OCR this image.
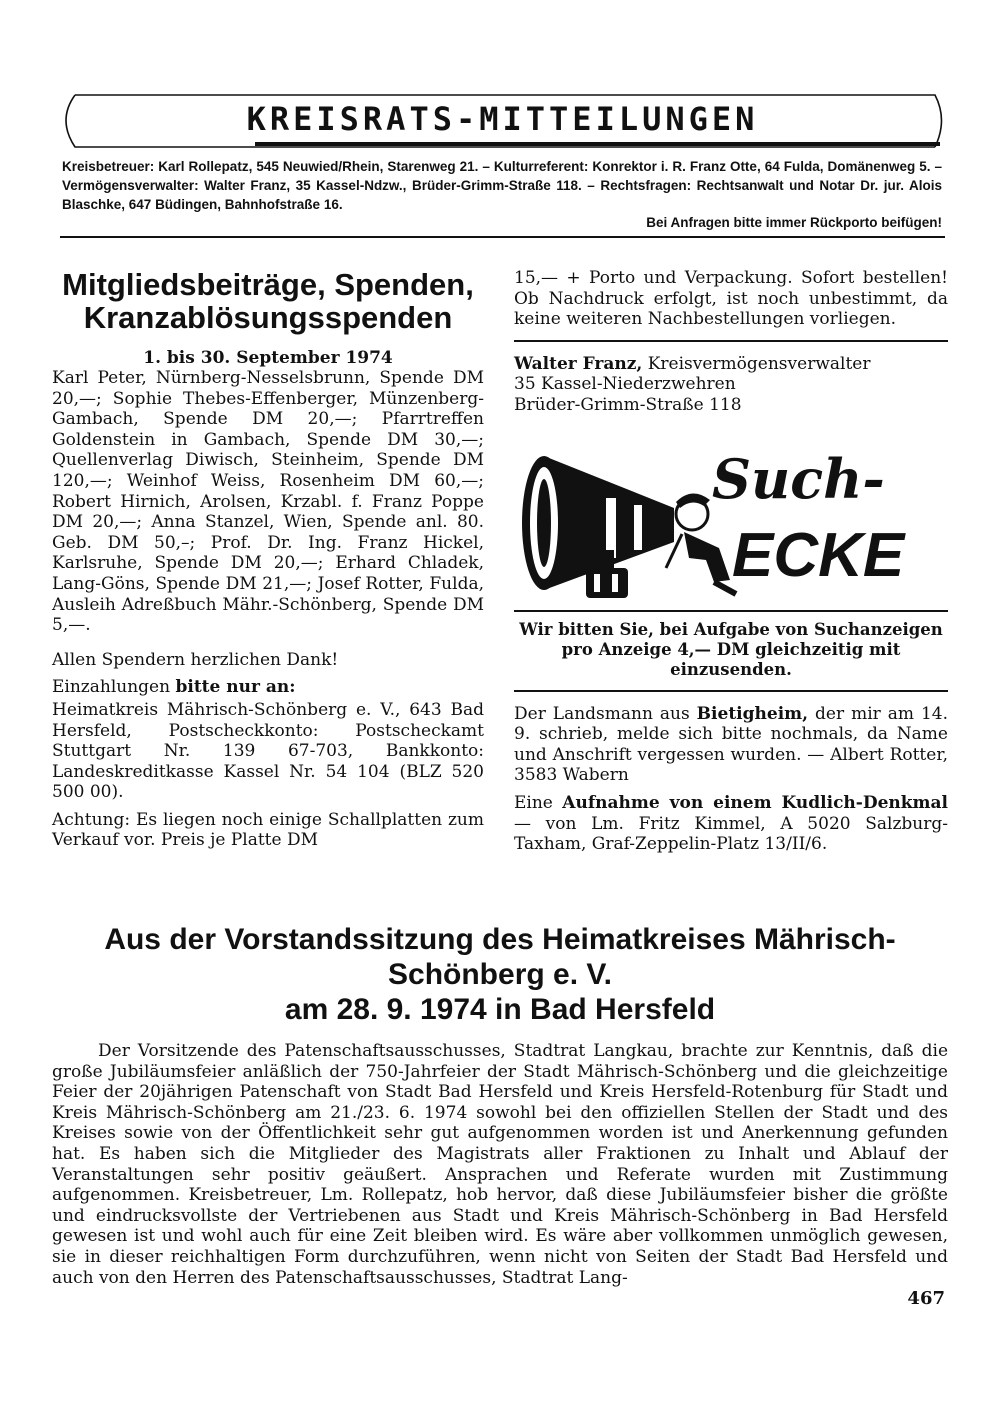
KREISRATS-MITTEILUNGEN
Kreisbetreuer: Karl Rollepatz, 545 Neuwied/Rhein, Starenweg 21. – Kulturreferent: Konrektor i. R. Franz Otte, 64 Fulda, Domänenweg 5. – Vermögensverwalter: Walter Franz, 35 Kassel-Ndzw., Brüder-Grimm-Straße 118. – Rechtsfragen: Rechtsanwalt und Notar Dr. jur. Alois Blaschke, 647 Büdingen, Bahnhofstraße 16.
Bei Anfragen bitte immer Rückporto beifügen!
Mitgliedsbeiträge, Spenden,
Kranzablösungsspenden
1. bis 30. September 1974

Karl Peter, Nürnberg-Nesselsbrunn, Spende DM 20,—; Sophie Thebes-Effenberger, Münzenberg-Gambach, Spende DM 20,—; Pfarrtreffen Goldenstein in Gambach, Spende DM 30,—; Quellenverlag Diwisch, Steinheim, Spende DM 120,—; Weinhof Weiss, Rosenheim DM 60,—; Robert Hirnich, Arolsen, Krzabl. f. Franz Poppe DM 20,—; Anna Stanzel, Wien, Spende anl. 80. Geb. DM 50,–; Prof. Dr. Ing. Franz Hickel, Karlsruhe, Spende DM 20,—; Erhard Chladek, Lang-Göns, Spende DM 21,—; Josef Rotter, Fulda, Ausleih Adreßbuch Mähr.-Schönberg, Spende DM 5,—.

Allen Spendern herzlichen Dank!

Einzahlungen bitte nur an:

Heimatkreis Mährisch-Schönberg e. V., 643 Bad Hersfeld, Postscheckkonto: Postscheckamt Stuttgart Nr. 139 67-703, Bankkonto: Landeskreditkasse Kassel Nr. 54 104 (BLZ 520 500 00).

Achtung: Es liegen noch einige Schallplatten zum Verkauf vor. Preis je Platte DM

15,— + Porto und Verpackung. Sofort bestellen! Ob Nachdruck erfolgt, ist noch unbestimmt, da keine weiteren Nachbestellungen vorliegen.

Walter Franz, Kreisvermögensverwalter

35 Kassel-Niederzwehren

Brüder-Grimm-Straße 118

Such-
ECKE

Wir bitten Sie, bei Aufgabe von Suchanzeigen pro Anzeige 4,— DM gleichzeitig mit einzusenden.

Der Landsmann aus Bietigheim, der mir am 14. 9. schrieb, melde sich bitte nochmals, da Name und Anschrift vergessen wurden. — Albert Rotter, 3583 Wabern

Eine Aufnahme von einem Kudlich-Denkmal — von Lm. Fritz Kimmel, A 5020 Salzburg-Taxham, Graf-Zeppelin-Platz 13/II/6.

Aus der Vorstandssitzung des Heimatkreises Mährisch-Schönberg e. V.
am 28. 9. 1974 in Bad Hersfeld

Der Vorsitzende des Patenschaftsausschusses, Stadtrat Langkau, brachte zur Kenntnis, daß die große Jubiläumsfeier anläßlich der 750-Jahrfeier der Stadt Mährisch-Schönberg und die gleichzeitige Feier der 20jährigen Patenschaft von Stadt Bad Hersfeld und Kreis Hersfeld-Rotenburg für Stadt und Kreis Mährisch-Schönberg am 21./23. 6. 1974 sowohl bei den offiziellen Stellen der Stadt und des Kreises sowie von der Öffentlichkeit sehr gut aufgenommen worden ist und Anerkennung gefunden hat. Es haben sich die Mitglieder des Magistrats aller Fraktionen zu Inhalt und Ablauf der Veranstaltungen sehr positiv geäußert. Ansprachen und Referate wurden mit Zustimmung aufgenommen. Kreisbetreuer, Lm. Rollepatz, hob hervor, daß diese Jubiläumsfeier bisher die größte und eindrucksvollste der Vertriebenen aus Stadt und Kreis Mährisch-Schönberg in Bad Hersfeld gewesen ist und wohl auch für eine Zeit bleiben wird. Es wäre aber vollkommen unmöglich gewesen, sie in dieser reichhaltigen Form durchzuführen, wenn nicht von Seiten der Stadt Bad Hersfeld und auch von den Herren des Patenschaftsausschusses, Stadtrat Lang-

467
